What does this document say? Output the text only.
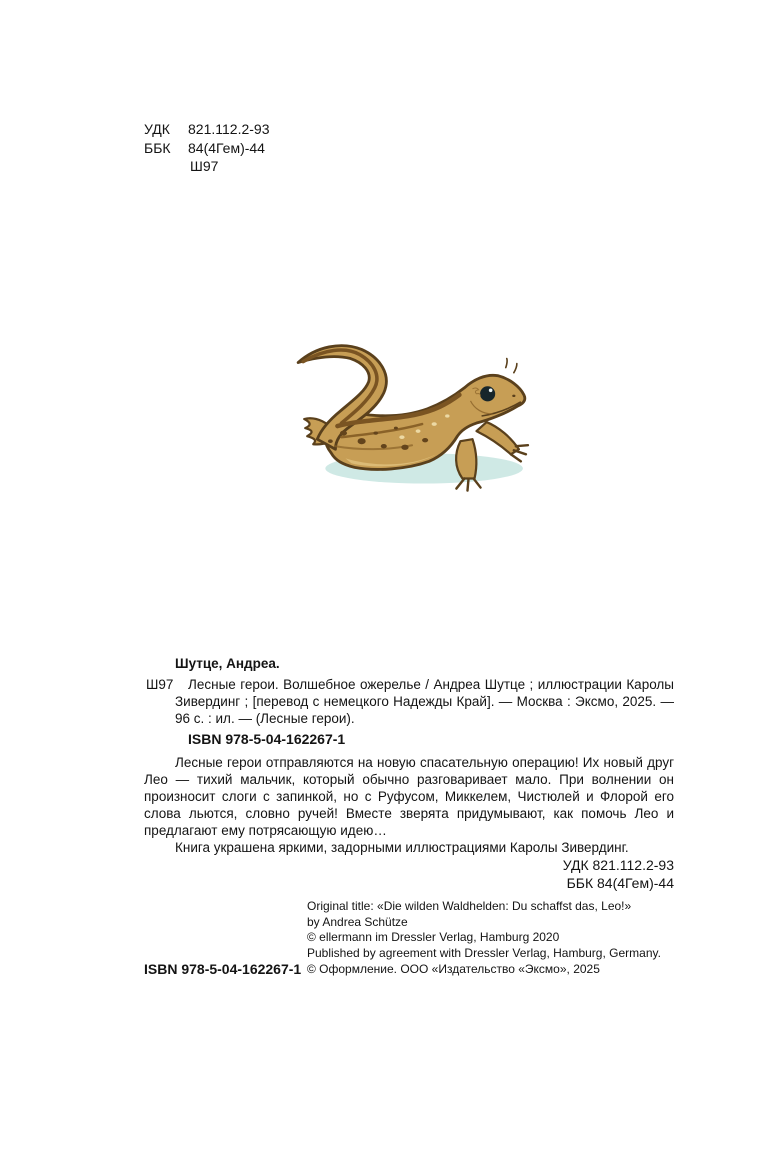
УДК	821.112.2-93
ББК	84(4Гем)-44
Ш97
Шутце, Андреа.
Ш97	Лесные герои. Волшебное ожерелье / Андреа Шутце ; иллюстрации Каролы Зивердинг ; [перевод с немецкого Надежды Край]. — Москва : Эксмо, 2025. — 96 с. : ил. — (Лесные герои).

ISBN 978-5-04-162267-1

Лесные герои отправляются на новую спасательную операцию! Их новый друг Лео — тихий мальчик, который обычно разговаривает мало. При волнении он произносит слоги с запинкой, но с Руфусом, Миккелем, Чистюлей и Флорой его слова льются, словно ручей! Вместе зверята придумывают, как помочь Лео и предлагают ему потрясающую идею…

Книга украшена яркими, задорными иллюстрациями Каролы Зивердинг.

УДК 821.112.2-93
ББК 84(4Гем)-44
Original title: «Die wilden Waldhelden: Du schaffst das, Leo!»
by Andrea Schütze
© ellermann im Dressler Verlag, Hamburg 2020
Published by agreement with Dressler Verlag, Hamburg, Germany.
© Оформление. ООО «Издательство «Эксмо», 2025
ISBN 978-5-04-162267-1
